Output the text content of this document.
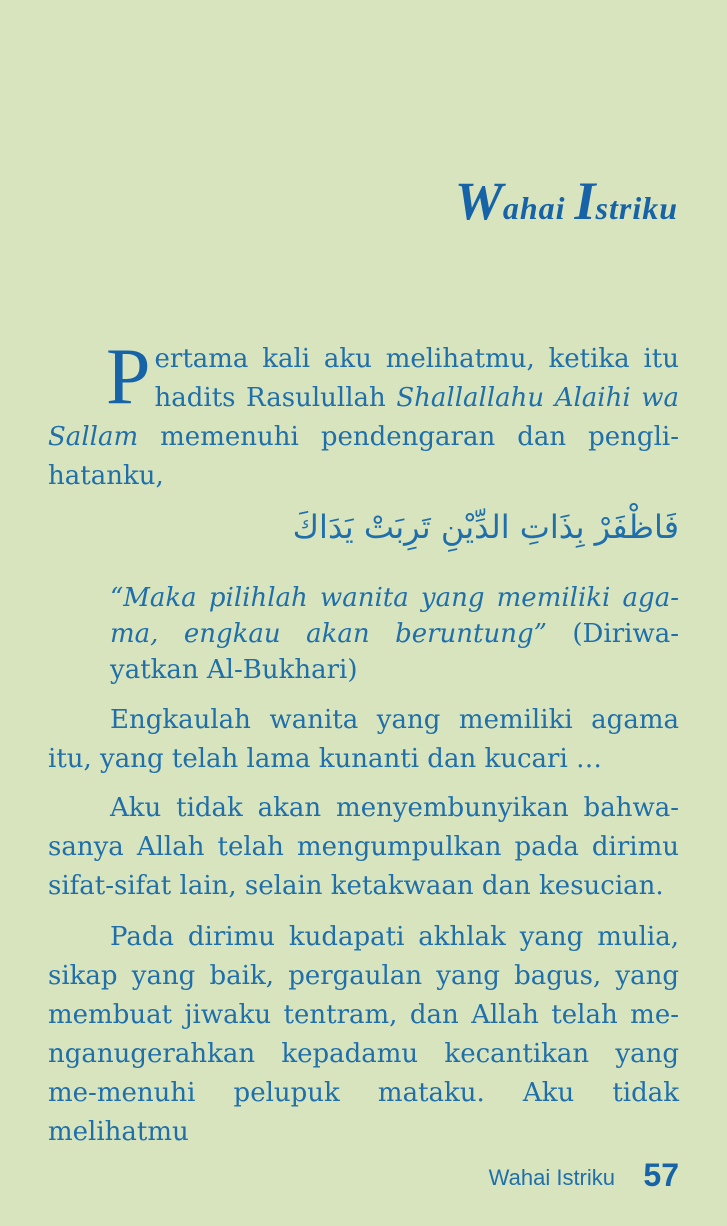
Wahai Istriku

Pertama kali aku melihatmu, ketika itu hadits Rasulullah Shallallahu Alaihi wa Sallam memenuhi pendengaran dan pengli-hatanku,

فَاظْفَرْ بِذَاتِ الدِّيْنِ تَرِبَتْ يَدَاكَ

“Maka pilihlah wanita yang memiliki aga-ma, engkau akan beruntung” (Diriwa-yatkan Al-Bukhari)

Engkaulah wanita yang memiliki agama itu, yang telah lama kunanti dan kucari …

Aku tidak akan menyembunyikan bahwa-sanya Allah telah mengumpulkan pada dirimu sifat-sifat lain, selain ketakwaan dan kesucian.

Pada dirimu kudapati akhlak yang mulia, sikap yang baik, pergaulan yang bagus, yang membuat jiwaku tentram, dan Allah telah me-nganugerahkan kepadamu kecantikan yang me-menuhi pelupuk mataku. Aku tidak melihatmu

Wahai Istriku 57
